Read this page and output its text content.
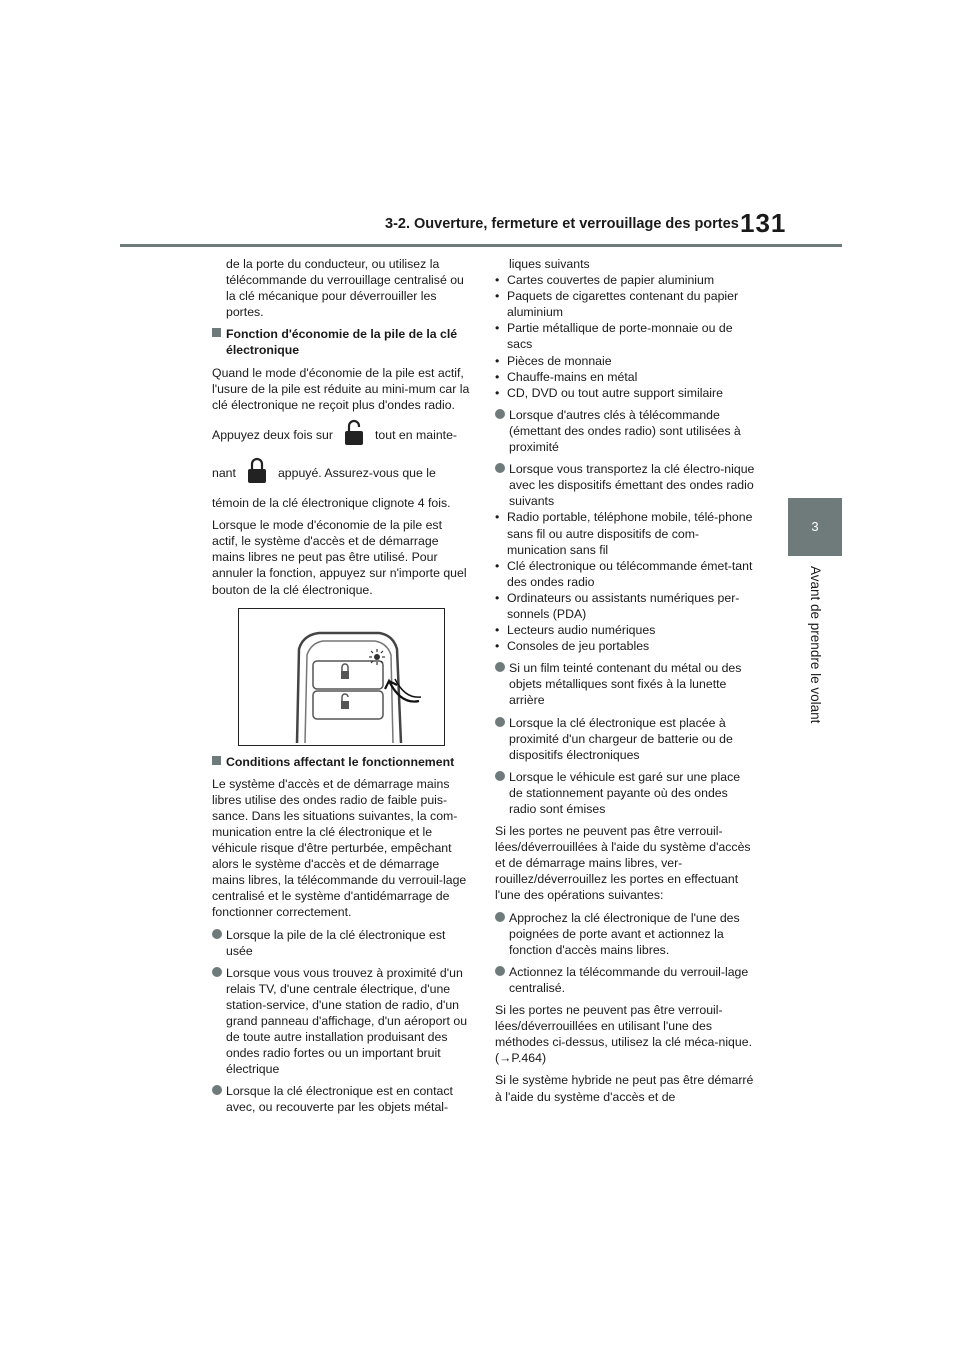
3-2. Ouverture, fermeture et verrouillage des portes 131
3
Avant de prendre le volant

de la porte du conducteur, ou utilisez la télécommande du verrouillage centralisé ou la clé mécanique pour déverrouiller les portes.

Fonction d'économie de la pile de la clé électronique

Quand le mode d'économie de la pile est actif, l'usure de la pile est réduite au mini-mum car la clé électronique ne reçoit plus d'ondes radio.

Appuyez deux fois sur	tout en mainte-
nant	appuyé. Assurez-vous que le

témoin de la clé électronique clignote 4 fois.

Lorsque le mode d'économie de la pile est actif, le système d'accès et de démarrage mains libres ne peut pas être utilisé. Pour annuler la fonction, appuyez sur n'importe quel bouton de la clé électronique.

Conditions affectant le fonctionnement

Le système d'accès et de démarrage mains libres utilise des ondes radio de faible puis-sance. Dans les situations suivantes, la com-munication entre la clé électronique et le véhicule risque d'être perturbée, empêchant alors le système d'accès et de démarrage mains libres, la télécommande du verrouil-lage centralisé et le système d'antidémarrage de fonctionner correctement.

Lorsque la pile de la clé électronique est usée
Lorsque vous vous trouvez à proximité d'un relais TV, d'une centrale électrique, d'une station-service, d'une station de radio, d'un grand panneau d'affichage, d'un aéroport ou de toute autre installation produisant des ondes radio fortes ou un important bruit électrique
Lorsque la clé électronique est en contact avec, ou recouverte par les objets métal-

liques suivants

• Cartes couvertes de papier aluminium
• Paquets de cigarettes contenant du papier aluminium
• Partie métallique de porte-monnaie ou de sacs
• Pièces de monnaie
• Chauffe-mains en métal
• CD, DVD ou tout autre support similaire
Lorsque d'autres clés à télécommande (émettant des ondes radio) sont utilisées à proximité
Lorsque vous transportez la clé électro-nique avec les dispositifs émettant des ondes radio suivants
• Radio portable, téléphone mobile, télé-phone sans fil ou autre dispositifs de com-munication sans fil
• Clé électronique ou télécommande émet-tant des ondes radio
• Ordinateurs ou assistants numériques per-sonnels (PDA)
• Lecteurs audio numériques
• Consoles de jeu portables
Si un film teinté contenant du métal ou des objets métalliques sont fixés à la lunette arrière
Lorsque la clé électronique est placée à proximité d'un chargeur de batterie ou de dispositifs électroniques
Lorsque le véhicule est garé sur une place de stationnement payante où des ondes radio sont émises

Si les portes ne peuvent pas être verrouil-lées/déverrouillées à l'aide du système d'accès et de démarrage mains libres, ver-rouillez/déverrouillez les portes en effectuant l'une des opérations suivantes:

Approchez la clé électronique de l'une des poignées de porte avant et actionnez la fonction d'accès mains libres.
Actionnez la télécommande du verrouil-lage centralisé.

Si les portes ne peuvent pas être verrouil-lées/déverrouillées en utilisant l'une des méthodes ci-dessus, utilisez la clé méca-nique. (→P.464)

Si le système hybride ne peut pas être démarré à l'aide du système d'accès et de
